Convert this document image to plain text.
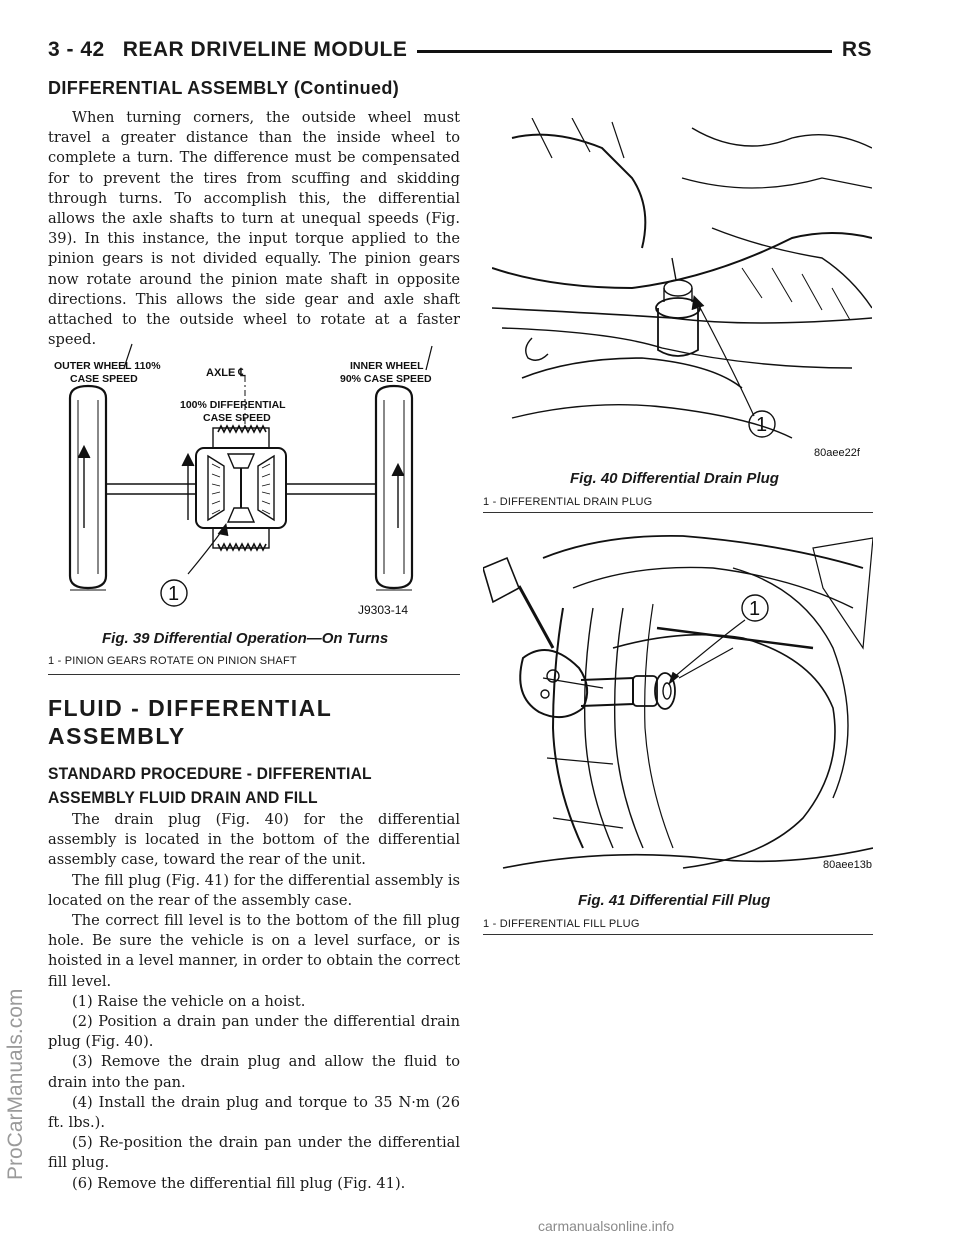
3 - 42 REAR DRIVELINE MODULE	RS
DIFFERENTIAL ASSEMBLY (Continued)

When turning corners, the outside wheel must travel a greater distance than the inside wheel to complete a turn. The difference must be compensated for to prevent the tires from scuffing and skidding through turns. To accomplish this, the differential allows the axle shafts to turn at unequal speeds (Fig. 39). In this instance, the input torque applied to the pinion gears is not divided equally. The pinion gears now rotate around the pinion mate shaft in opposite directions. This allows the side gear and axle shaft attached to the outside wheel to rotate at a faster speed.

OUTER WHEEL 110%
CASE SPEED	AXLE ℄
100% DIFFERENTIAL
CASE SPEED
INNER WHEEL
90% CASE SPEED
1
J9303-14
Fig. 39 Differential Operation—On Turns
1 - PINION GEARS ROTATE ON PINION SHAFT
FLUID - DIFFERENTIAL
ASSEMBLY
STANDARD PROCEDURE - DIFFERENTIAL
ASSEMBLY FLUID DRAIN AND FILL

The drain plug (Fig. 40) for the differential assembly is located in the bottom of the differential assembly case, toward the rear of the unit.

The fill plug (Fig. 41) for the differential assembly is located on the rear of the assembly case.

The correct fill level is to the bottom of the fill plug hole. Be sure the vehicle is on a level surface, or is hoisted in a level manner, in order to obtain the correct fill level.

(1) Raise the vehicle on a hoist.

(2) Position a drain pan under the differential drain plug (Fig. 40).

(3) Remove the drain plug and allow the fluid to drain into the pan.

(4) Install the drain plug and torque to 35 N·m (26 ft. lbs.).

(5) Re-position the drain pan under the differential fill plug.

(6) Remove the differential fill plug (Fig. 41).

1
80aee22f
Fig. 40 Differential Drain Plug
1 - DIFFERENTIAL DRAIN PLUG
1
80aee13b
Fig. 41 Differential Fill Plug
1 - DIFFERENTIAL FILL PLUG
ProCarManuals.com
carmanualsonline.info
